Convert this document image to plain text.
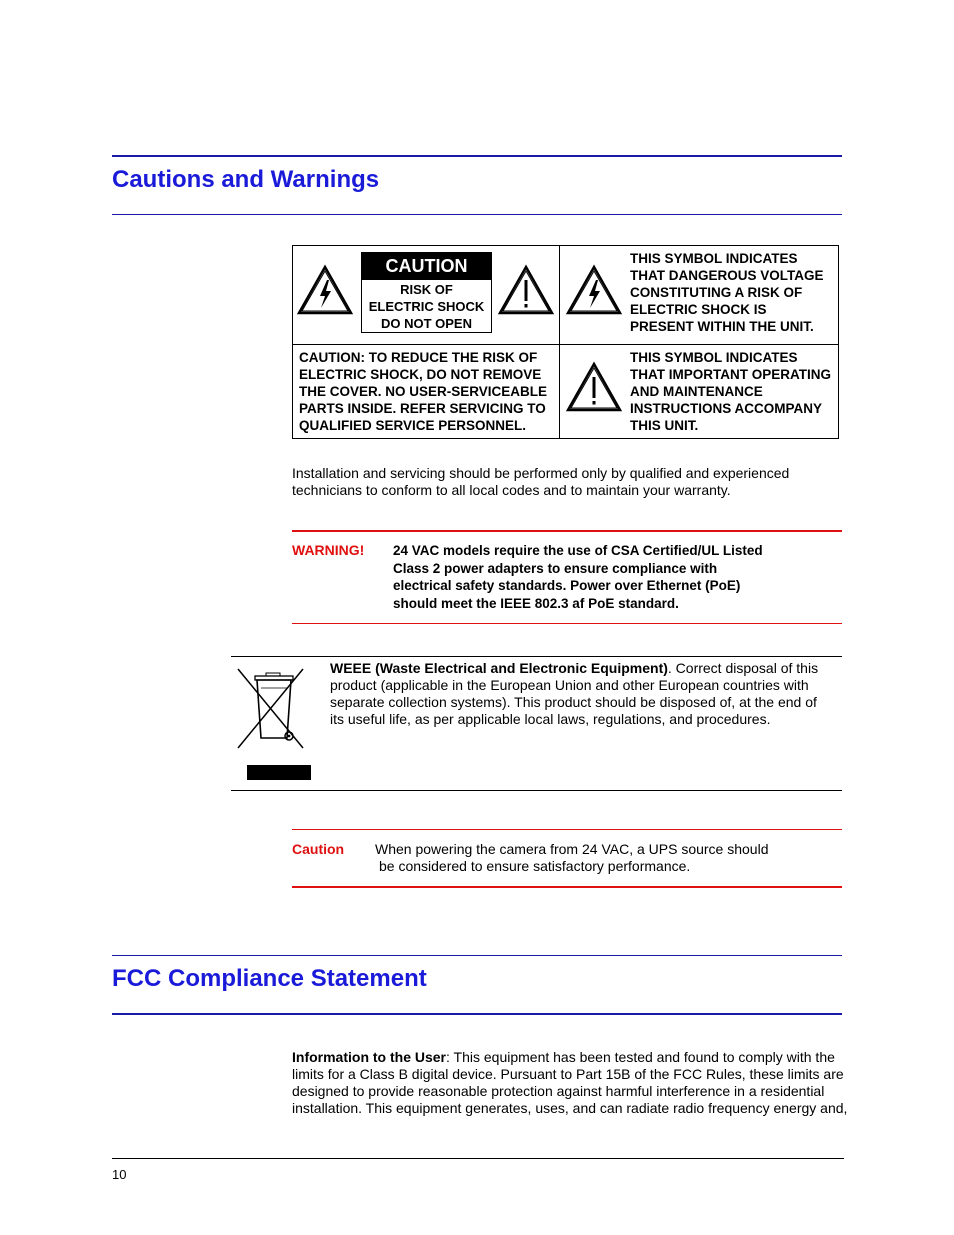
Cautions and Warnings
CAUTION
RISK OF
ELECTRIC SHOCK
DO NOT OPEN
THIS SYMBOL INDICATES
THAT DANGEROUS VOLTAGE
CONSTITUTING A RISK OF
ELECTRIC SHOCK IS
PRESENT WITHIN THE UNIT.
CAUTION: TO REDUCE THE RISK OF
ELECTRIC SHOCK, DO NOT REMOVE
THE COVER. NO USER-SERVICEABLE
PARTS INSIDE. REFER SERVICING TO
QUALIFIED SERVICE PERSONNEL.
THIS SYMBOL INDICATES
THAT IMPORTANT OPERATING
AND MAINTENANCE
INSTRUCTIONS ACCOMPANY
THIS UNIT.
Installation and servicing should be performed only by qualified and experienced
technicians to conform to all local codes and to maintain your warranty.
WARNING! 24 VAC models require the use of CSA Certified/UL Listed
Class 2 power adapters to ensure compliance with
electrical safety standards. Power over Ethernet (PoE)
should meet the IEEE 802.3 af PoE standard.
WEEE (Waste Electrical and Electronic Equipment). Correct disposal of this
product (applicable in the European Union and other European countries with
separate collection systems). This product should be disposed of, at the end of
its useful life, as per applicable local laws, regulations, and procedures.
Caution When powering the camera from 24 VAC, a UPS source should
be considered to ensure satisfactory performance.
FCC Compliance Statement
Information to the User: This equipment has been tested and found to comply with the
limits for a Class B digital device. Pursuant to Part 15B of the FCC Rules, these limits are
designed to provide reasonable protection against harmful interference in a residential
installation. This equipment generates, uses, and can radiate radio frequency energy and,
10
